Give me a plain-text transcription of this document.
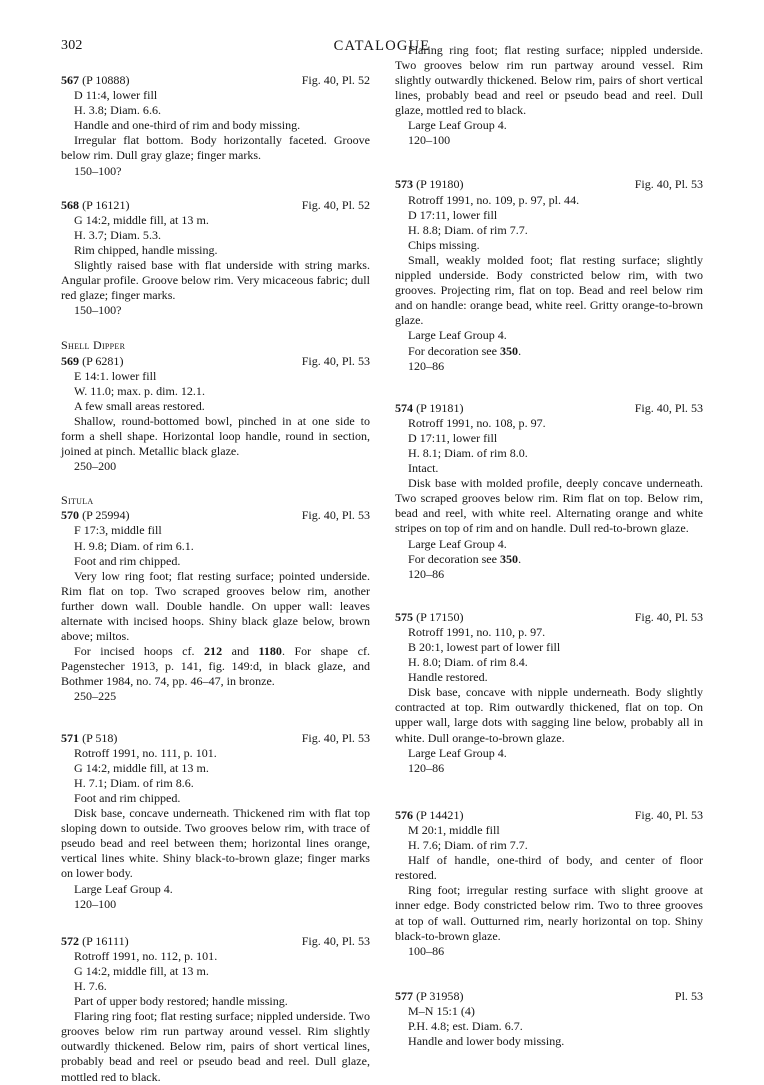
302	CATALOGUE
567 (P 10888)	Fig. 40, Pl. 52
D 11:4, lower fill
H. 3.8; Diam. 6.6.
Handle and one-third of rim and body missing.
Irregular flat bottom. Body horizontally faceted. Groove below rim. Dull gray glaze; finger marks.
150–100?
568 (P 16121)	Fig. 40, Pl. 52
G 14:2, middle fill, at 13 m.
H. 3.7; Diam. 5.3.
Rim chipped, handle missing.
Slightly raised base with flat underside with string marks. Angular profile. Groove below rim. Very micaceous fabric; dull red glaze; finger marks.
150–100?
Shell Dipper
569 (P 6281)	Fig. 40, Pl. 53
E 14:1. lower fill
W. 11.0; max. p. dim. 12.1.
A few small areas restored.
Shallow, round-bottomed bowl, pinched in at one side to form a shell shape. Horizontal loop handle, round in section, joined at pinch. Metallic black glaze.
250–200
Situla
570 (P 25994)	Fig. 40, Pl. 53
F 17:3, middle fill
H. 9.8; Diam. of rim 6.1.
Foot and rim chipped.
Very low ring foot; flat resting surface; pointed underside. Rim flat on top. Two scraped grooves below rim, another further down wall. Double handle. On upper wall: leaves alternate with incised hoops. Shiny black glaze below, brown above; miltos.
For incised hoops cf. 212 and 1180. For shape cf. Pagenstecher 1913, p. 141, fig. 149:d, in black glaze, and Bothmer 1984, no. 74, pp. 46–47, in bronze.
250–225
571 (P 518)	Fig. 40, Pl. 53
Rotroff 1991, no. 111, p. 101.
G 14:2, middle fill, at 13 m.
H. 7.1; Diam. of rim 8.6.
Foot and rim chipped.
Disk base, concave underneath. Thickened rim with flat top sloping down to outside. Two grooves below rim, with trace of pseudo bead and reel between them; horizontal lines orange, vertical lines white. Shiny black-to-brown glaze; finger marks on lower body.
Large Leaf Group 4.
120–100
572 (P 16111)	Fig. 40, Pl. 53
Rotroff 1991, no. 112, p. 101.
G 14:2, middle fill, at 13 m.
H. 7.6.
Part of upper body restored; handle missing.
Flaring ring foot; flat resting surface; nippled underside. Two grooves below rim run partway around vessel. Rim slightly outwardly thickened. Below rim, pairs of short vertical lines, probably bead and reel or pseudo bead and reel. Dull glaze, mottled red to black.
Flaring ring foot; flat resting surface; nippled underside. Two grooves below rim run partway around vessel. Rim slightly outwardly thickened. Below rim, pairs of short vertical lines, probably bead and reel or pseudo bead and reel. Dull glaze, mottled red to black.
Large Leaf Group 4.
120–100
573 (P 19180)	Fig. 40, Pl. 53
Rotroff 1991, no. 109, p. 97, pl. 44.
D 17:11, lower fill
H. 8.8; Diam. of rim 7.7.
Chips missing.
Small, weakly molded foot; flat resting surface; slightly nippled underside. Body constricted below rim, with two grooves. Projecting rim, flat on top. Bead and reel below rim and on handle: orange bead, white reel. Gritty orange-to-brown glaze.
Large Leaf Group 4.
For decoration see 350.
120–86
574 (P 19181)	Fig. 40, Pl. 53
Rotroff 1991, no. 108, p. 97.
D 17:11, lower fill
H. 8.1; Diam. of rim 8.0.
Intact.
Disk base with molded profile, deeply concave underneath. Two scraped grooves below rim. Rim flat on top. Below rim, bead and reel, with white reel. Alternating orange and white stripes on top of rim and on handle. Dull red-to-brown glaze.
Large Leaf Group 4.
For decoration see 350.
120–86
575 (P 17150)	Fig. 40, Pl. 53
Rotroff 1991, no. 110, p. 97.
B 20:1, lowest part of lower fill
H. 8.0; Diam. of rim 8.4.
Handle restored.
Disk base, concave with nipple underneath. Body slightly contracted at top. Rim outwardly thickened, flat on top. On upper wall, large dots with sagging line below, probably all in white. Dull orange-to-brown glaze.
Large Leaf Group 4.
120–86
576 (P 14421)	Fig. 40, Pl. 53
M 20:1, middle fill
H. 7.6; Diam. of rim 7.7.
Half of handle, one-third of body, and center of floor restored.
Ring foot; irregular resting surface with slight groove at inner edge. Body constricted below rim. Two to three grooves at top of wall. Outturned rim, nearly horizontal on top. Shiny black-to-brown glaze.
100–86
577 (P 31958)	Pl. 53
M–N 15:1 (4)
P.H. 4.8; est. Diam. 6.7.
Handle and lower body missing.
